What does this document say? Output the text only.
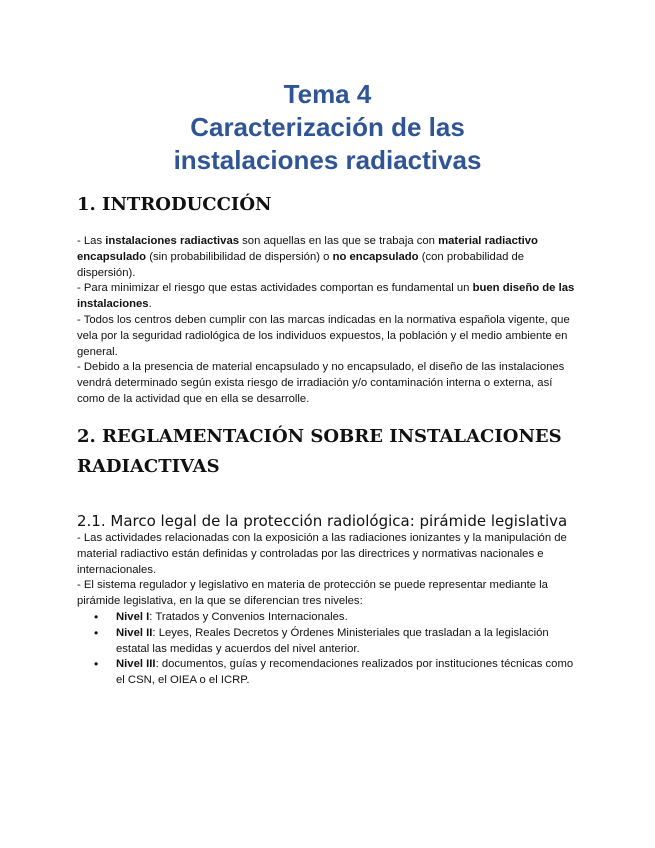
Tema 4
Caracterización de las
instalaciones radiactivas
1. INTRODUCCIÓN

- Las instalaciones radiactivas son aquellas en las que se trabaja con material radiactivo encapsulado (sin probabilibilidad de dispersión) o no encapsulado (con probabilidad de dispersión).

- Para minimizar el riesgo que estas actividades comportan es fundamental un buen diseño de las instalaciones.

- Todos los centros deben cumplir con las marcas indicadas en la normativa española vigente, que vela por la seguridad radiológica de los individuos expuestos, la población y el medio ambiente en general.

- Debido a la presencia de material encapsulado y no encapsulado, el diseño de las instalaciones vendrá determinado según exista riesgo de irradiación y/o contaminación interna o externa, así como de la actividad que en ella se desarrolle.

2. REGLAMENTACIÓN SOBRE INSTALACIONES
RADIACTIVAS
2.1. Marco legal de la protección radiológica: pirámide legislativa

- Las actividades relacionadas con la exposición a las radiaciones ionizantes y la manipulación de material radiactivo están definidas y controladas por las directrices y normativas nacionales e internacionales.

- El sistema regulador y legislativo en materia de protección se puede representar mediante la pirámide legislativa, en la que se diferencian tres niveles:

• Nivel I: Tratados y Convenios Internacionales.
• Nivel II: Leyes, Reales Decretos y Órdenes Ministeriales que trasladan a la legislación estatal las medidas y acuerdos del nivel anterior.
• Nivel III: documentos, guías y recomendaciones realizados por instituciones técnicas como el CSN, el OIEA o el ICRP.
